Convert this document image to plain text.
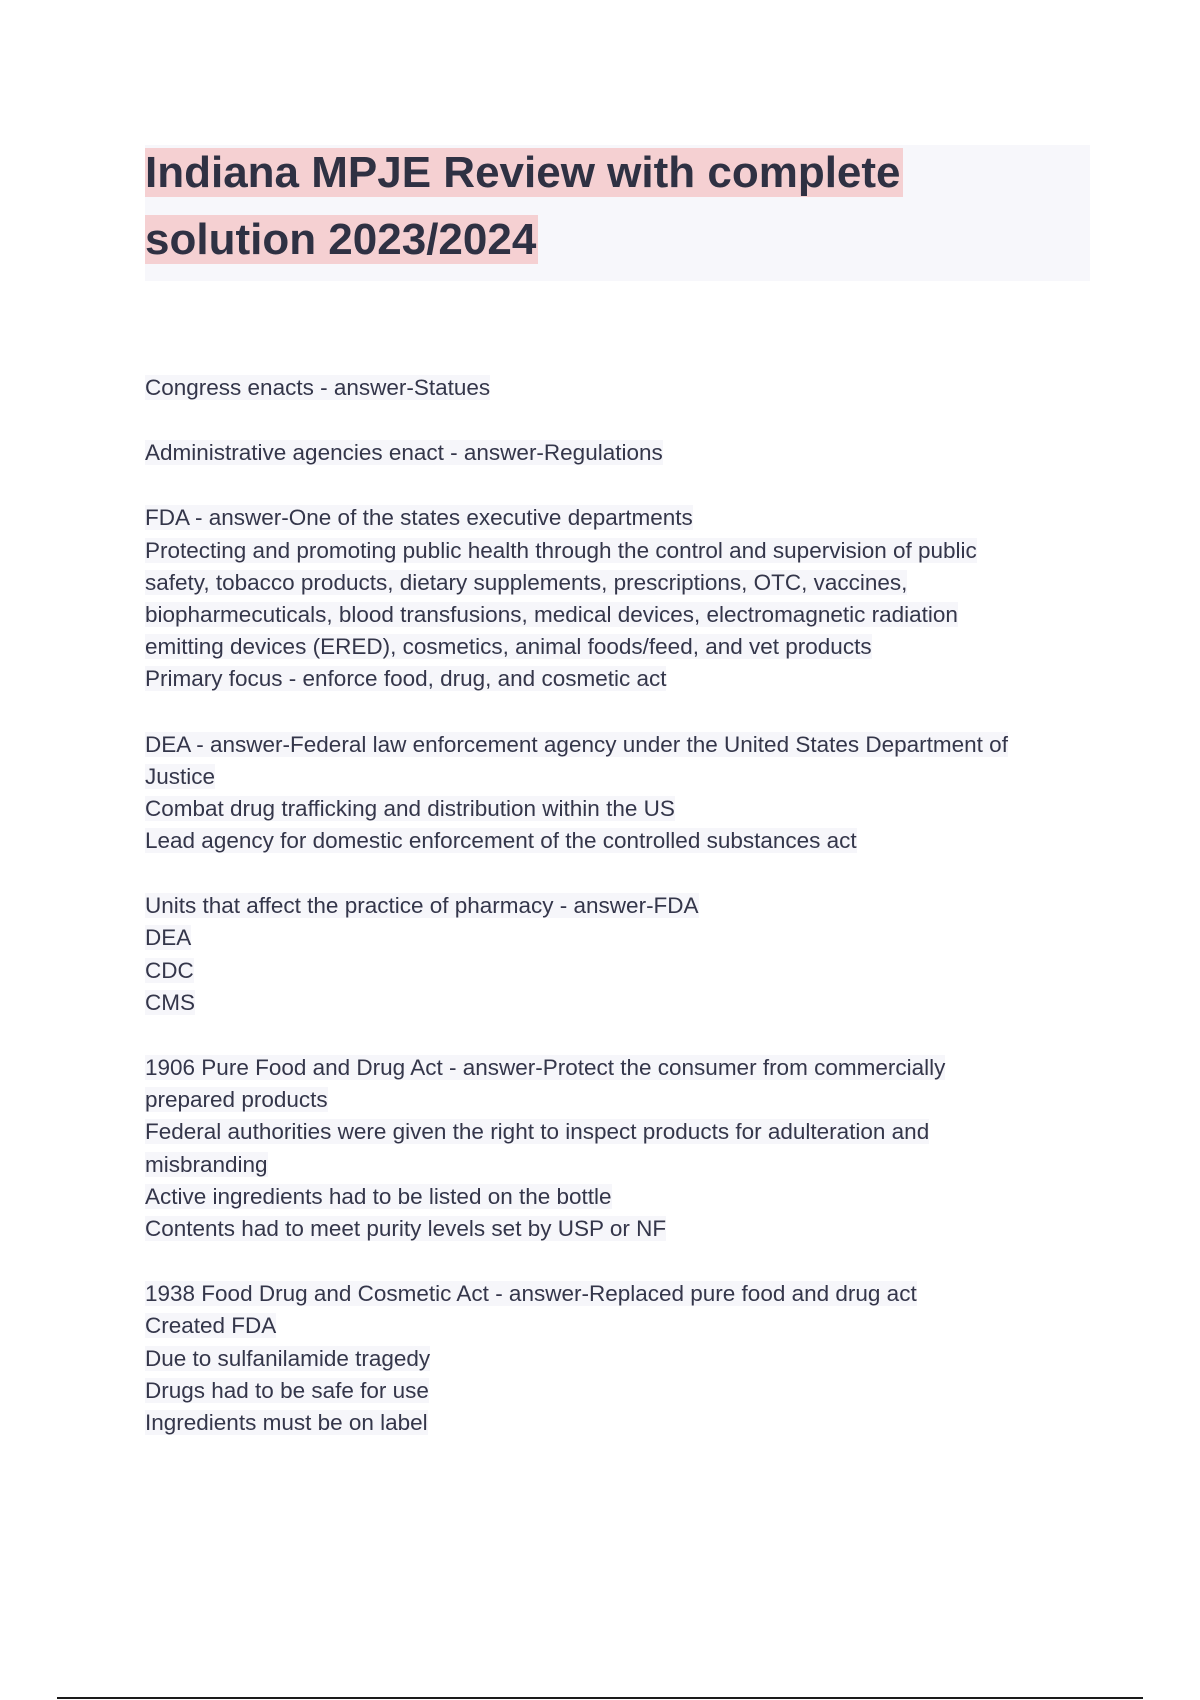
Indiana MPJE Review with complete
solution 2023/2024
Congress enacts - answer-Statues
Administrative agencies enact - answer-Regulations
FDA - answer-One of the states executive departments
Protecting and promoting public health through the control and supervision of public
safety, tobacco products, dietary supplements, prescriptions, OTC, vaccines,
biopharmecuticals, blood transfusions, medical devices, electromagnetic radiation
emitting devices (ERED), cosmetics, animal foods/feed, and vet products
Primary focus - enforce food, drug, and cosmetic act
DEA - answer-Federal law enforcement agency under the United States Department of
Justice
Combat drug trafficking and distribution within the US
Lead agency for domestic enforcement of the controlled substances act
Units that affect the practice of pharmacy - answer-FDA
DEA
CDC
CMS
1906 Pure Food and Drug Act - answer-Protect the consumer from commercially
prepared products
Federal authorities were given the right to inspect products for adulteration and
misbranding
Active ingredients had to be listed on the bottle
Contents had to meet purity levels set by USP or NF
1938 Food Drug and Cosmetic Act - answer-Replaced pure food and drug act
Created FDA
Due to sulfanilamide tragedy
Drugs had to be safe for use
Ingredients must be on label
